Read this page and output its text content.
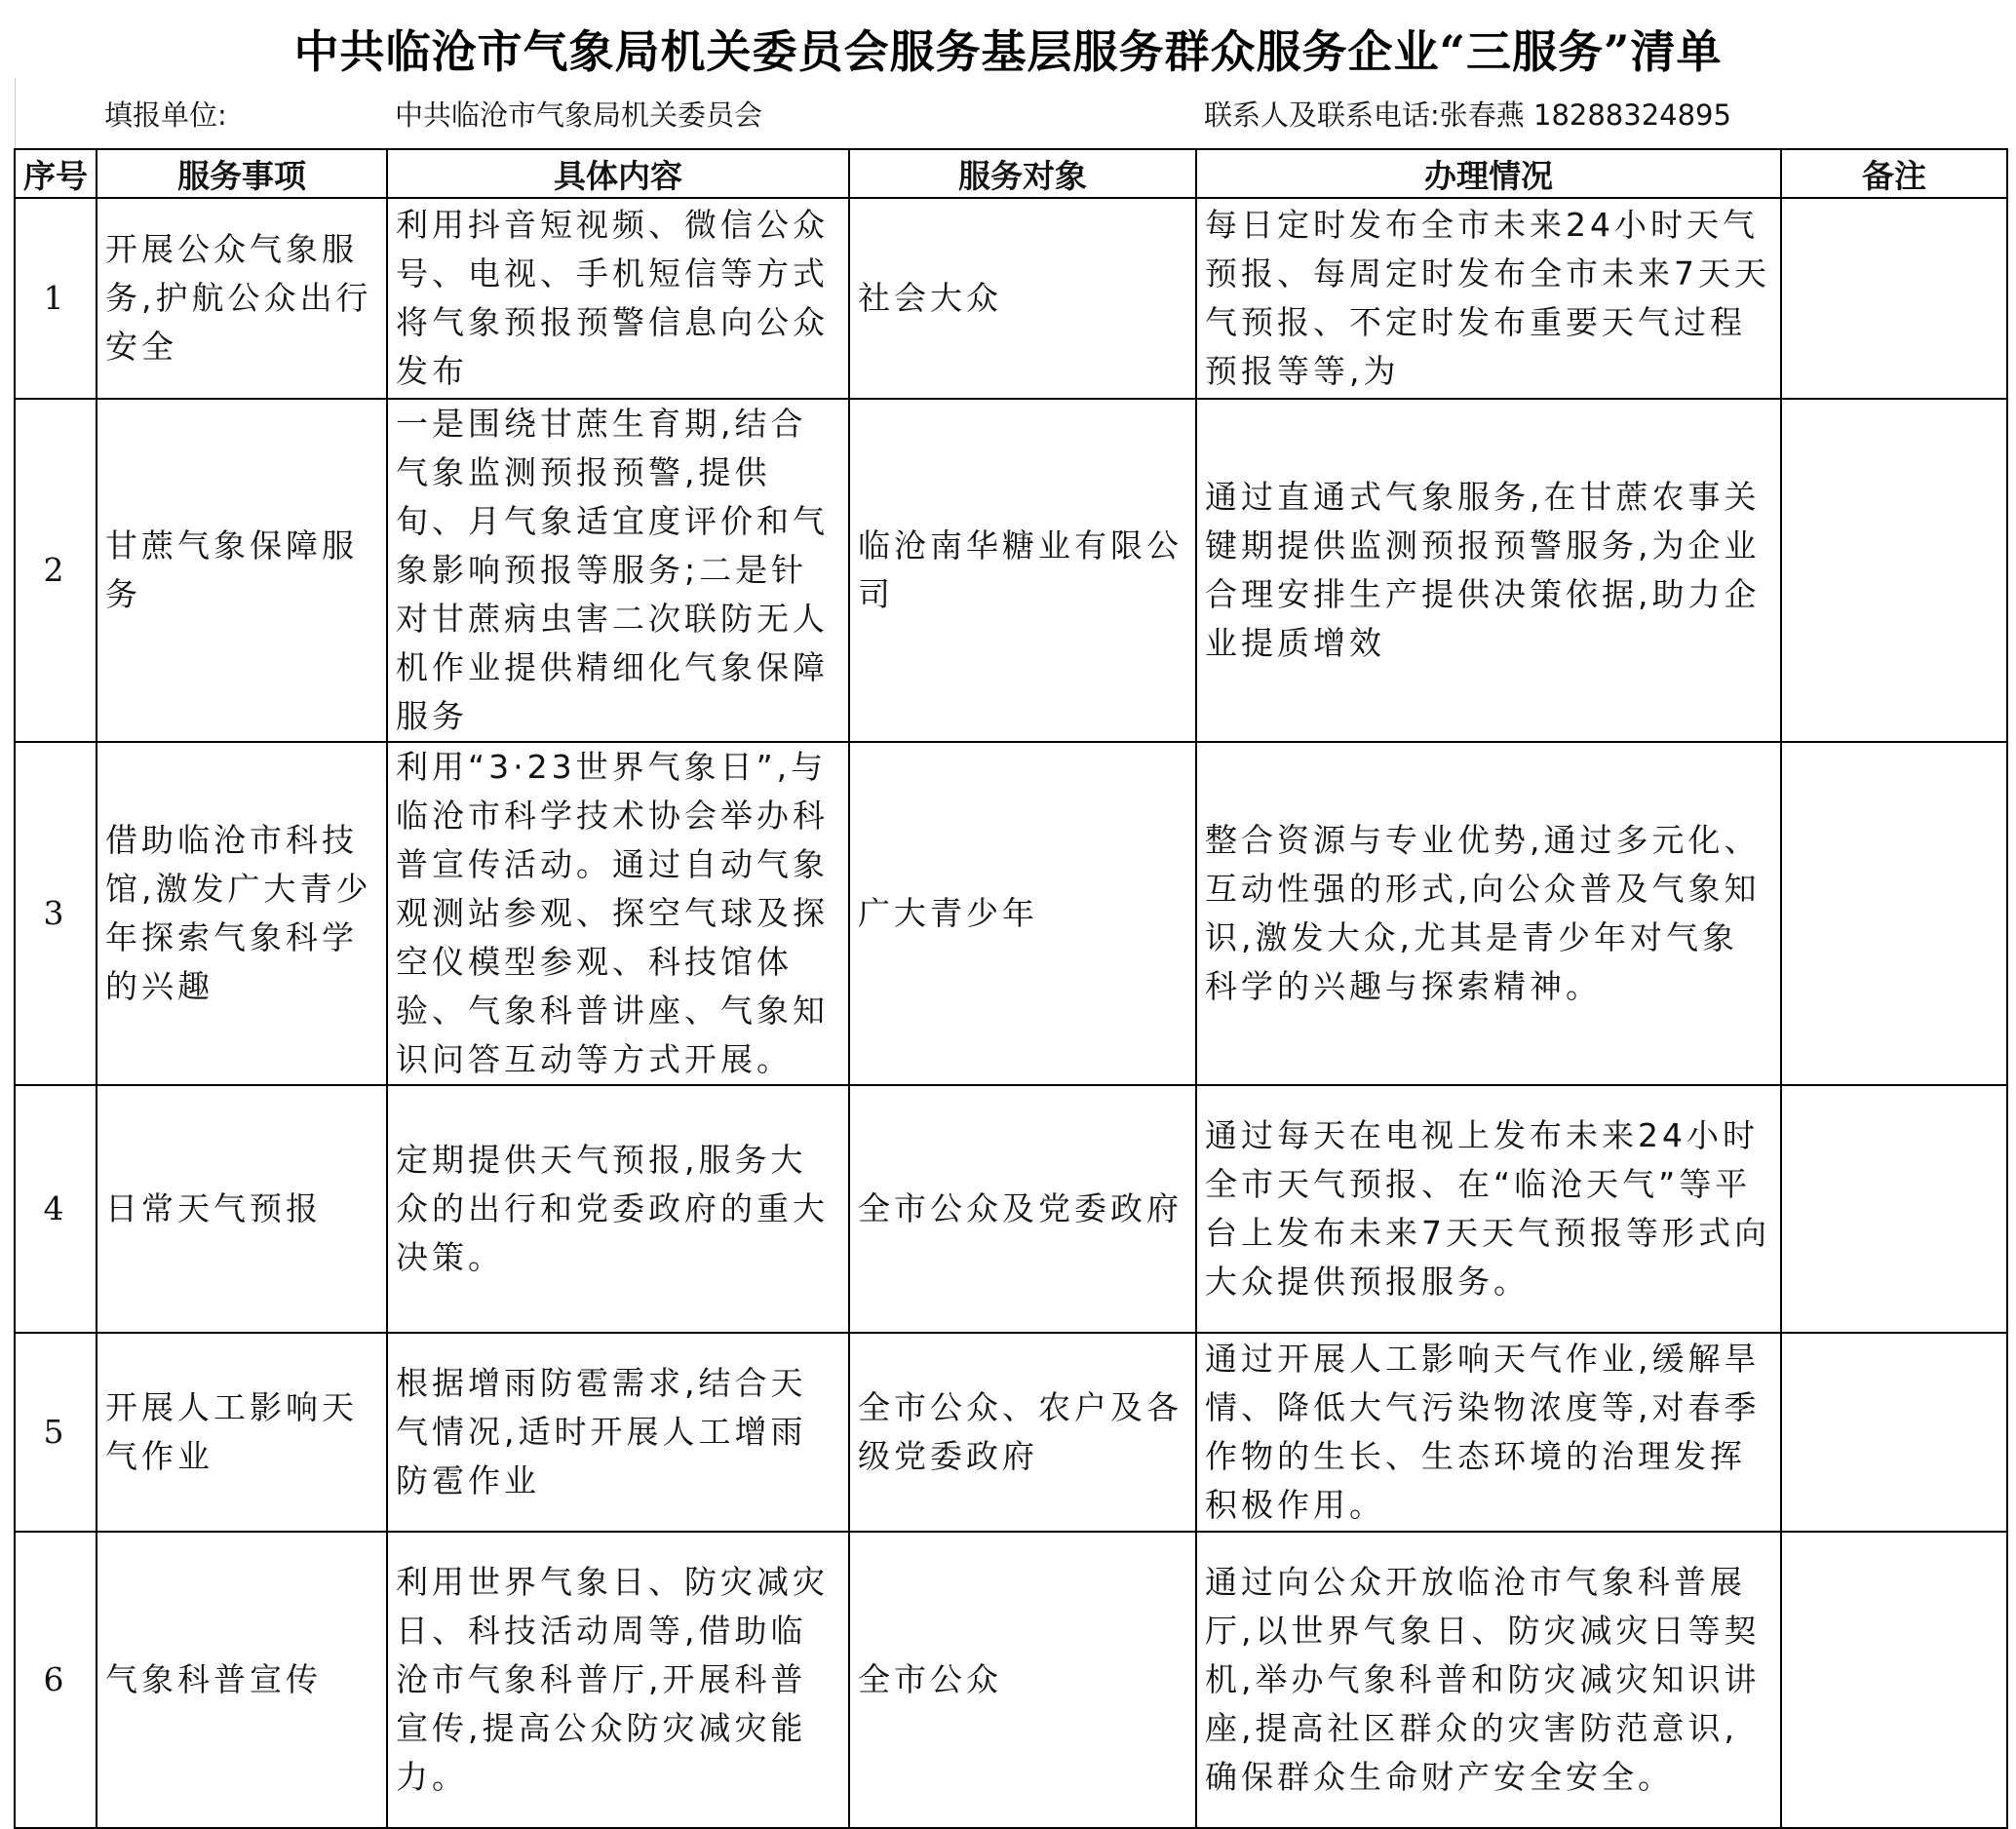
中共临沧市气象局机关委员会服务基层服务群众服务企业“三服务”清单
	填报单位:	中共临沧市气象局机关委员会		联系人及联系电话:张春燕 18288324895	
序号	服务事项	具体内容	服务对象	办理情况	备注
1	开展公众气象服务,护航公众出行安全	利用抖音短视频、微信公众号、电视、手机短信等方式将气象预报预警信息向公众发布	社会大众	每日定时发布全市未来24小时天气预报、每周定时发布全市未来7天天气预报、不定时发布重要天气过程预报等等,为	

2	甘蔗气象保障服务	一是围绕甘蔗生育期,结合气象监测预报预警,提供旬、月气象适宜度评价和气象影响预报等服务;二是针对甘蔗病虫害二次联防无人机作业提供精细化气象保障服务	临沧南华糖业有限公司	通过直通式气象服务,在甘蔗农事关键期提供监测预报预警服务,为企业合理安排生产提供决策依据,助力企业提质增效	
3	借助临沧市科技馆,激发广大青少年探索气象科学的兴趣	利用“3·23世界气象日”,与临沧市科学技术协会举办科普宣传活动。通过自动气象观测站参观、探空气球及探空仪模型参观、科技馆体验、气象科普讲座、气象知识问答互动等方式开展。	广大青少年	整合资源与专业优势,通过多元化、互动性强的形式,向公众普及气象知识,激发大众,尤其是青少年对气象科学的兴趣与探索精神。	
4	日常天气预报	定期提供天气预报,服务大众的出行和党委政府的重大决策。	全市公众及党委政府	通过每天在电视上发布未来24小时全市天气预报、在“临沧天气”等平台上发布未来7天天气预报等形式向大众提供预报服务。	
5	开展人工影响天气作业	根据增雨防雹需求,结合天气情况,适时开展人工增雨防雹作业	全市公众、农户及各级党委政府	通过开展人工影响天气作业,缓解旱情、降低大气污染物浓度等,对春季作物的生长、生态环境的治理发挥积极作用。	
6	气象科普宣传	利用世界气象日、防灾减灾日、科技活动周等,借助临沧市气象科普厅,开展科普宣传,提高公众防灾减灾能力。	全市公众	通过向公众开放临沧市气象科普展厅,以世界气象日、防灾减灾日等契机,举办气象科普和防灾减灾知识讲座,提高社区群众的灾害防范意识,确保群众生命财产安全安全。	
